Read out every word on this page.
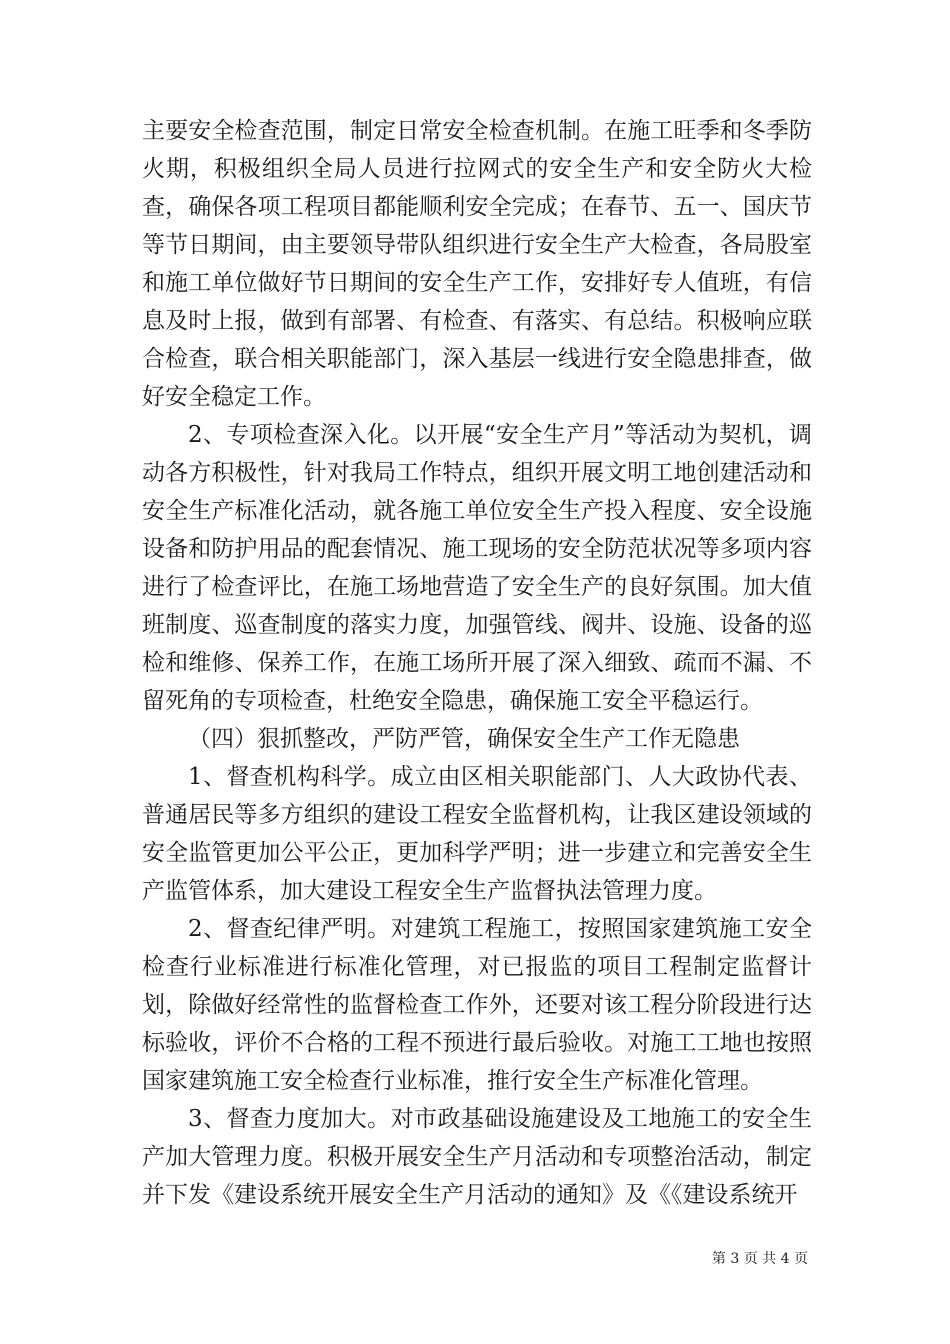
主要安全检查范围，制定日常安全检查机制。在施工旺季和冬季防火期，积极组织全局人员进行拉网式的安全生产和安全防火大检查，确保各项工程项目都能顺利安全完成；在春节、五一、国庆节等节日期间，由主要领导带队组织进行安全生产大检查，各局股室和施工单位做好节日期间的安全生产工作，安排好专人值班，有信息及时上报，做到有部署、有检查、有落实、有总结。积极响应联合检查，联合相关职能部门，深入基层一线进行安全隐患排查，做好安全稳定工作。

2、专项检查深入化。以开展“安全生产月”等活动为契机，调动各方积极性，针对我局工作特点，组织开展文明工地创建活动和安全生产标准化活动，就各施工单位安全生产投入程度、安全设施设备和防护用品的配套情况、施工现场的安全防范状况等多项内容进行了检查评比，在施工场地营造了安全生产的良好氛围。加大值班制度、巡查制度的落实力度，加强管线、阀井、设施、设备的巡检和维修、保养工作，在施工场所开展了深入细致、疏而不漏、不留死角的专项检查，杜绝安全隐患，确保施工安全平稳运行。

（四）狠抓整改，严防严管，确保安全生产工作无隐患

1、督查机构科学。成立由区相关职能部门、人大政协代表、普通居民等多方组织的建设工程安全监督机构，让我区建设领域的安全监管更加公平公正，更加科学严明；进一步建立和完善安全生产监管体系，加大建设工程安全生产监督执法管理力度。

2、督查纪律严明。对建筑工程施工，按照国家建筑施工安全检查行业标准进行标准化管理，对已报监的项目工程制定监督计划，除做好经常性的监督检查工作外，还要对该工程分阶段进行达标验收，评价不合格的工程不预进行最后验收。对施工工地也按照国家建筑施工安全检查行业标准，推行安全生产标准化管理。

3、督查力度加大。对市政基础设施建设及工地施工的安全生产加大管理力度。积极开展安全生产月活动和专项整治活动，制定并下发《建设系统开展安全生产月活动的通知》及《《建设系统开

第 3 页 共 4 页
